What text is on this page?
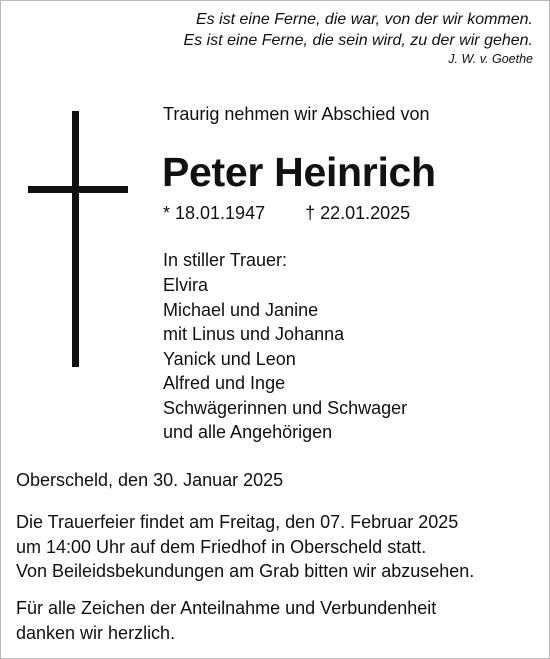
Es ist eine Ferne, die war, von der wir kommen.
Es ist eine Ferne, die sein wird, zu der wir gehen.
J. W. v. Goethe
Traurig nehmen wir Abschied von
Peter Heinrich
* 18.01.1947 † 22.01.2025
In stiller Trauer:
Elvira
Michael und Janine
mit Linus und Johanna
Yanick und Leon
Alfred und Inge
Schwägerinnen und Schwager
und alle Angehörigen
Oberscheld, den 30. Januar 2025
Die Trauerfeier findet am Freitag, den 07. Februar 2025
um 14:00 Uhr auf dem Friedhof in Oberscheld statt.
Von Beileidsbekundungen am Grab bitten wir abzusehen.
Für alle Zeichen der Anteilnahme und Verbundenheit
danken wir herzlich.
